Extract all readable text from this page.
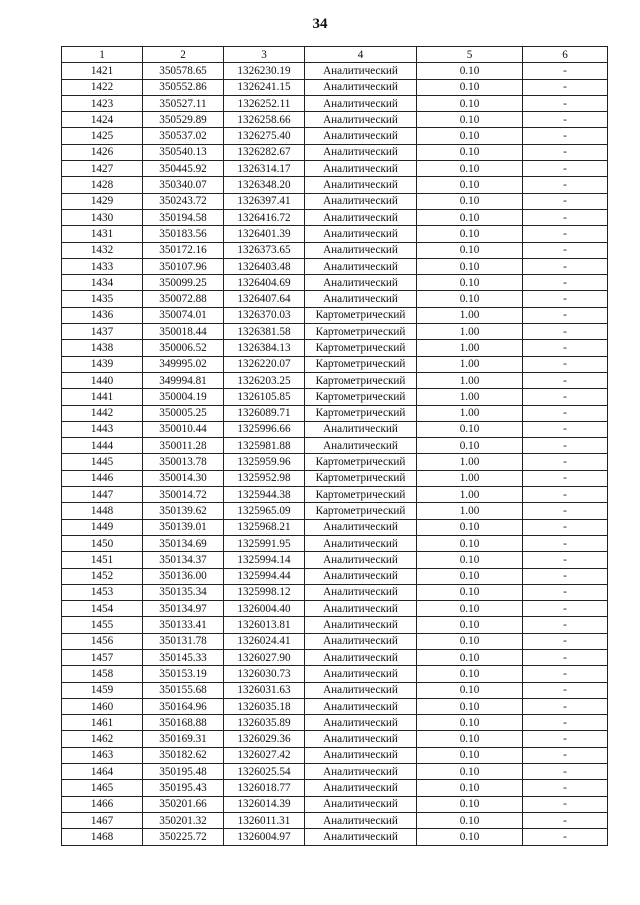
34
1	2	3	4	5	6
1421	350578.65	1326230.19	Аналитический	0.10	-
1422	350552.86	1326241.15	Аналитический	0.10	-
1423	350527.11	1326252.11	Аналитический	0.10	-
1424	350529.89	1326258.66	Аналитический	0.10	-
1425	350537.02	1326275.40	Аналитический	0.10	-
1426	350540.13	1326282.67	Аналитический	0.10	-
1427	350445.92	1326314.17	Аналитический	0.10	-
1428	350340.07	1326348.20	Аналитический	0.10	-
1429	350243.72	1326397.41	Аналитический	0.10	-
1430	350194.58	1326416.72	Аналитический	0.10	-
1431	350183.56	1326401.39	Аналитический	0.10	-
1432	350172.16	1326373.65	Аналитический	0.10	-
1433	350107.96	1326403.48	Аналитический	0.10	-
1434	350099.25	1326404.69	Аналитический	0.10	-
1435	350072.88	1326407.64	Аналитический	0.10	-
1436	350074.01	1326370.03	Картометрический	1.00	-
1437	350018.44	1326381.58	Картометрический	1.00	-
1438	350006.52	1326384.13	Картометрический	1.00	-
1439	349995.02	1326220.07	Картометрический	1.00	-
1440	349994.81	1326203.25	Картометрический	1.00	-
1441	350004.19	1326105.85	Картометрический	1.00	-
1442	350005.25	1326089.71	Картометрический	1.00	-
1443	350010.44	1325996.66	Аналитический	0.10	-
1444	350011.28	1325981.88	Аналитический	0.10	-
1445	350013.78	1325959.96	Картометрический	1.00	-
1446	350014.30	1325952.98	Картометрический	1.00	-
1447	350014.72	1325944.38	Картометрический	1.00	-
1448	350139.62	1325965.09	Картометрический	1.00	-
1449	350139.01	1325968.21	Аналитический	0.10	-
1450	350134.69	1325991.95	Аналитический	0.10	-
1451	350134.37	1325994.14	Аналитический	0.10	-
1452	350136.00	1325994.44	Аналитический	0.10	-
1453	350135.34	1325998.12	Аналитический	0.10	-
1454	350134.97	1326004.40	Аналитический	0.10	-
1455	350133.41	1326013.81	Аналитический	0.10	-
1456	350131.78	1326024.41	Аналитический	0.10	-
1457	350145.33	1326027.90	Аналитический	0.10	-
1458	350153.19	1326030.73	Аналитический	0.10	-
1459	350155.68	1326031.63	Аналитический	0.10	-
1460	350164.96	1326035.18	Аналитический	0.10	-
1461	350168.88	1326035.89	Аналитический	0.10	-
1462	350169.31	1326029.36	Аналитический	0.10	-
1463	350182.62	1326027.42	Аналитический	0.10	-
1464	350195.48	1326025.54	Аналитический	0.10	-
1465	350195.43	1326018.77	Аналитический	0.10	-
1466	350201.66	1326014.39	Аналитический	0.10	-
1467	350201.32	1326011.31	Аналитический	0.10	-
1468	350225.72	1326004.97	Аналитический	0.10	-
